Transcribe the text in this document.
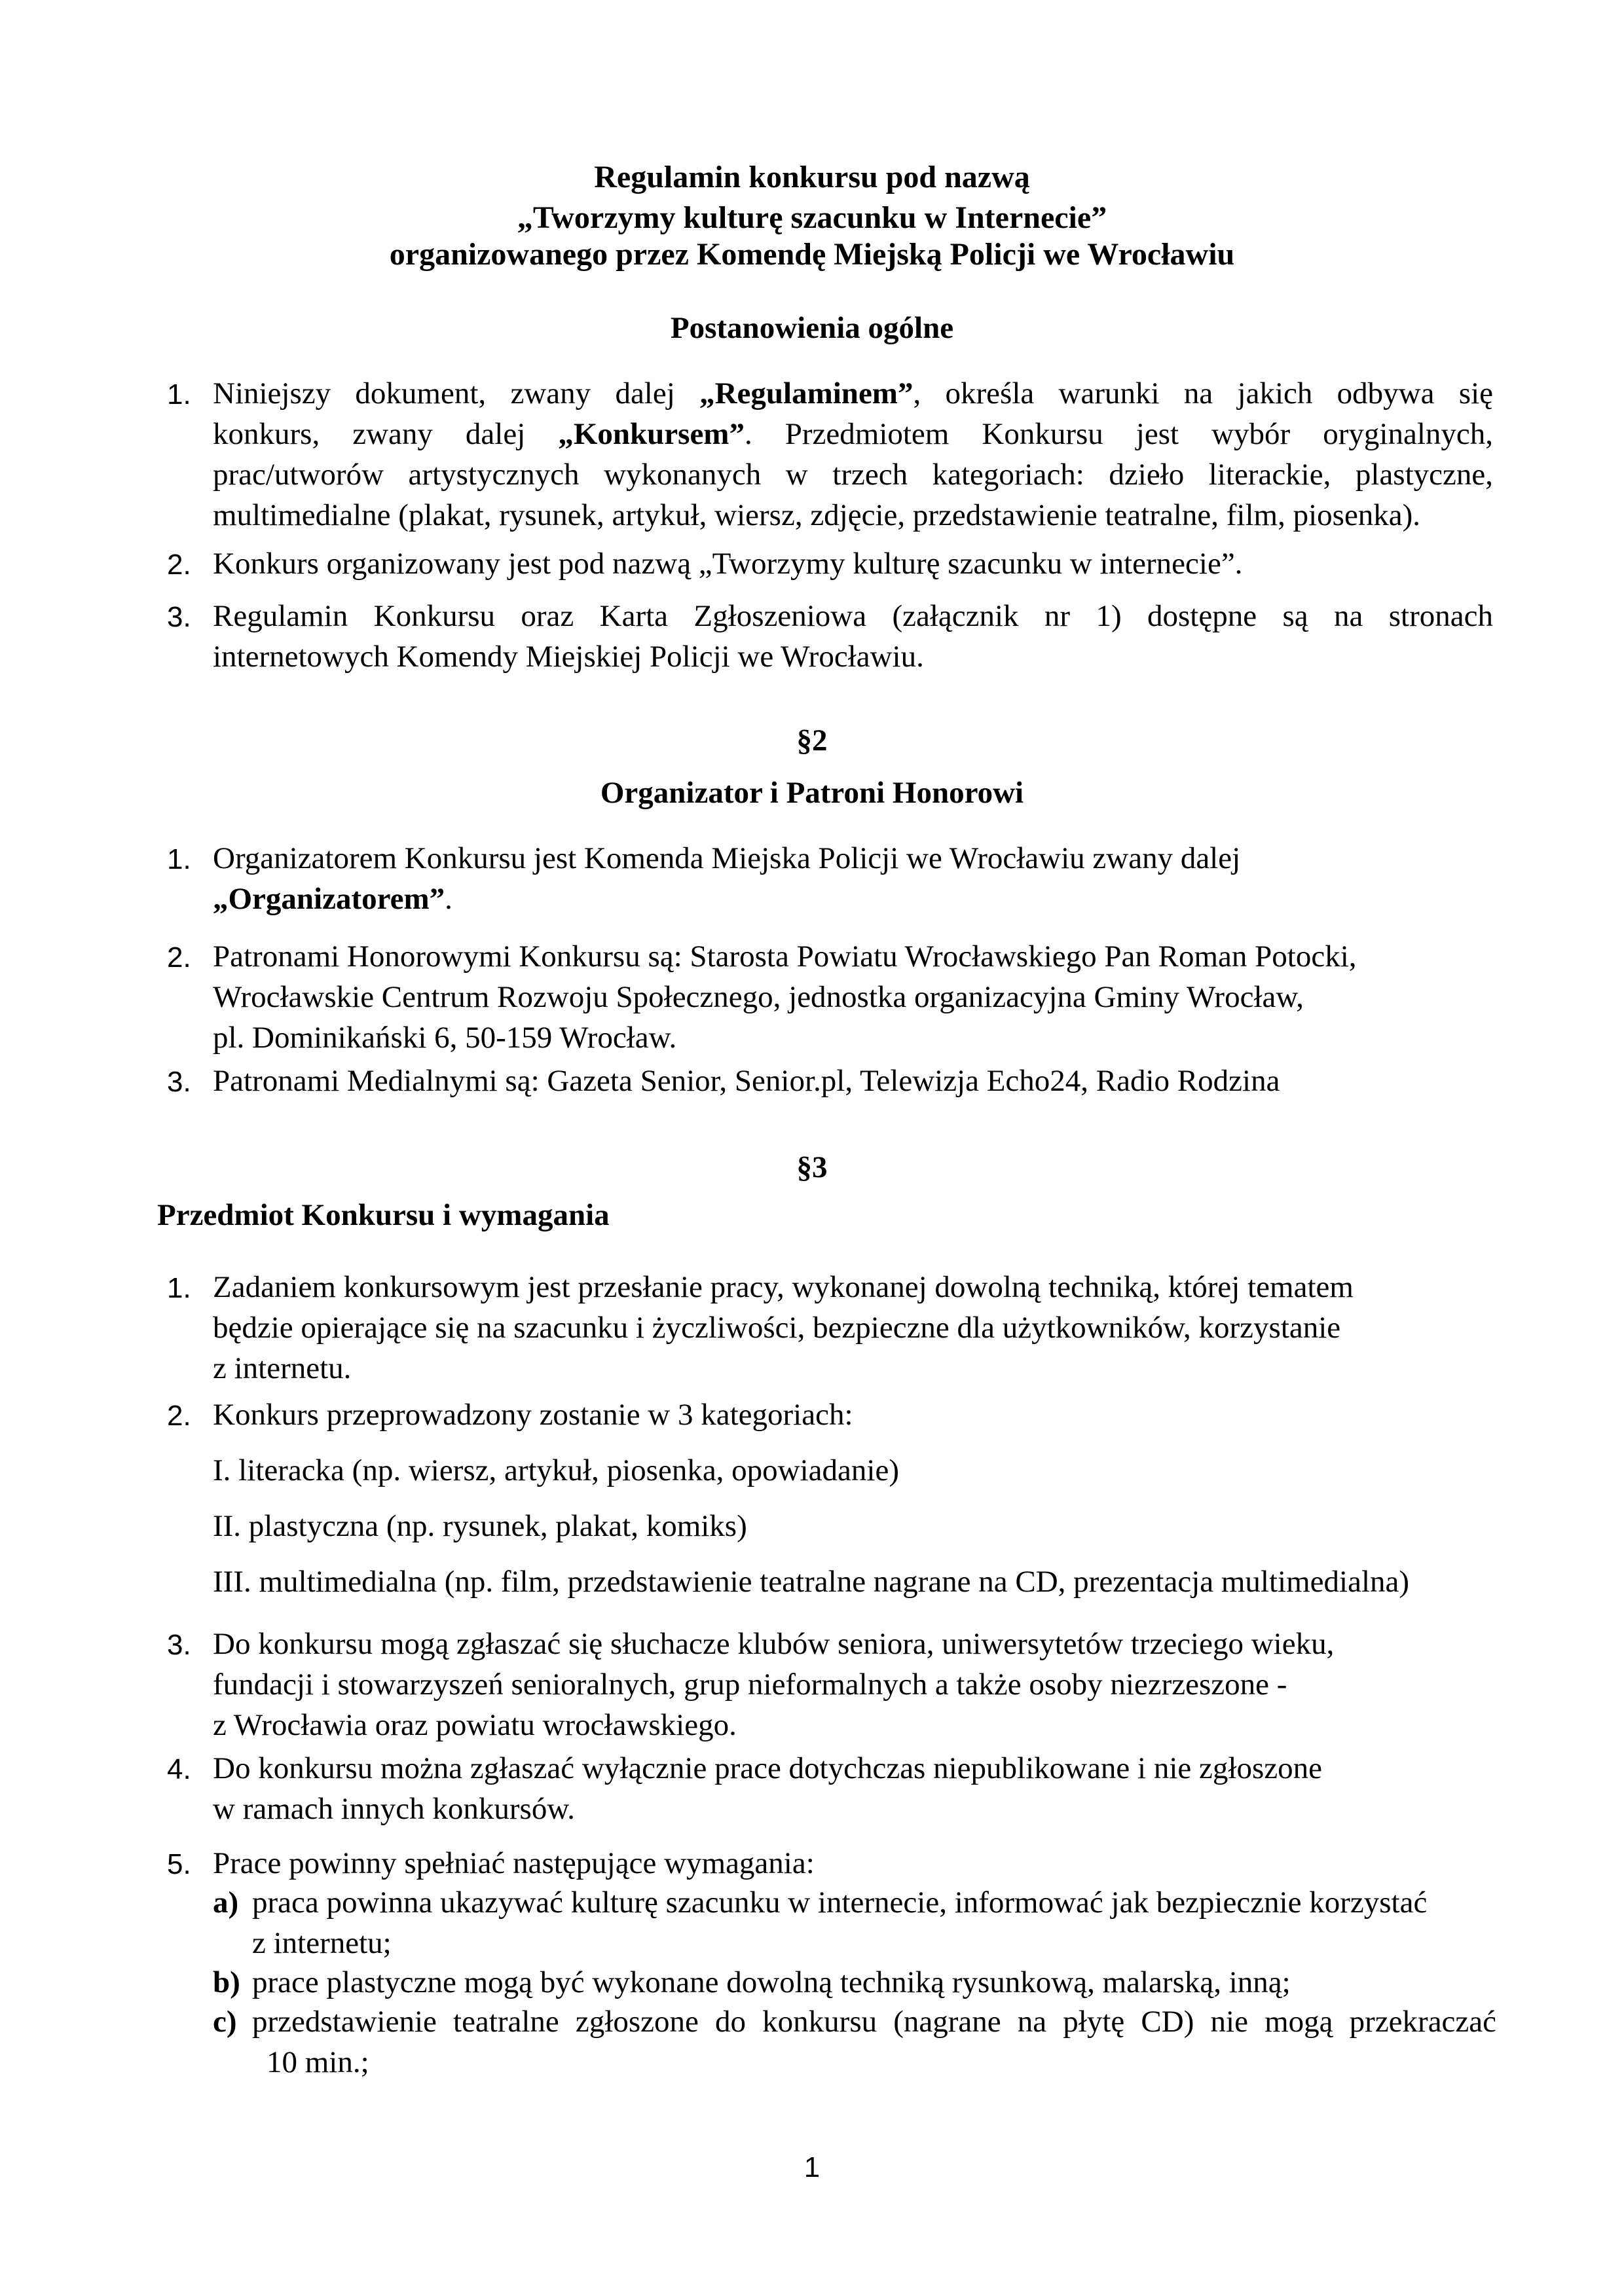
Regulamin konkursu pod nazwą
„Tworzymy kulturę szacunku w Internecie”
organizowanego przez Komendę Miejską Policji we Wrocławiu
Postanowienia ogólne
1. Niniejszy dokument, zwany dalej „Regulaminem”, określa warunki na jakich odbywa się
konkurs, zwany dalej „Konkursem”. Przedmiotem Konkursu jest wybór oryginalnych,
prac/utworów artystycznych wykonanych w trzech kategoriach: dzieło literackie, plastyczne,
multimedialne (plakat, rysunek, artykuł, wiersz, zdjęcie, przedstawienie teatralne, film, piosenka).
2. Konkurs organizowany jest pod nazwą „Tworzymy kulturę szacunku w internecie”.
3. Regulamin Konkursu oraz Karta Zgłoszeniowa (załącznik nr 1) dostępne są na stronach
internetowych Komendy Miejskiej Policji we Wrocławiu.
§2
Organizator i Patroni Honorowi
1. Organizatorem Konkursu jest Komenda Miejska Policji we Wrocławiu zwany dalej
„Organizatorem”.
2. Patronami Honorowymi Konkursu są: Starosta Powiatu Wrocławskiego Pan Roman Potocki,
Wrocławskie Centrum Rozwoju Społecznego, jednostka organizacyjna Gminy Wrocław,
pl. Dominikański 6, 50-159 Wrocław.
3. Patronami Medialnymi są: Gazeta Senior, Senior.pl, Telewizja Echo24, Radio Rodzina
§3
Przedmiot Konkursu i wymagania
1. Zadaniem konkursowym jest przesłanie pracy, wykonanej dowolną techniką, której tematem
będzie opierające się na szacunku i życzliwości, bezpieczne dla użytkowników, korzystanie
z internetu.
2. Konkurs przeprowadzony zostanie w 3 kategoriach:
I. literacka (np. wiersz, artykuł, piosenka, opowiadanie)
II. plastyczna (np. rysunek, plakat, komiks)
III. multimedialna (np. film, przedstawienie teatralne nagrane na CD, prezentacja multimedialna)
3. Do konkursu mogą zgłaszać się słuchacze klubów seniora, uniwersytetów trzeciego wieku,
fundacji i stowarzyszeń senioralnych, grup nieformalnych a także osoby niezrzeszone -
z Wrocławia oraz powiatu wrocławskiego.
4. Do konkursu można zgłaszać wyłącznie prace dotychczas niepublikowane i nie zgłoszone
w ramach innych konkursów.
5. Prace powinny spełniać następujące wymagania:
a) praca powinna ukazywać kulturę szacunku w internecie, informować jak bezpiecznie korzystać
z internetu;
b) prace plastyczne mogą być wykonane dowolną techniką rysunkową, malarską, inną;
c) przedstawienie teatralne zgłoszone do konkursu (nagrane na płytę CD) nie mogą przekraczać
10 min.;
1
